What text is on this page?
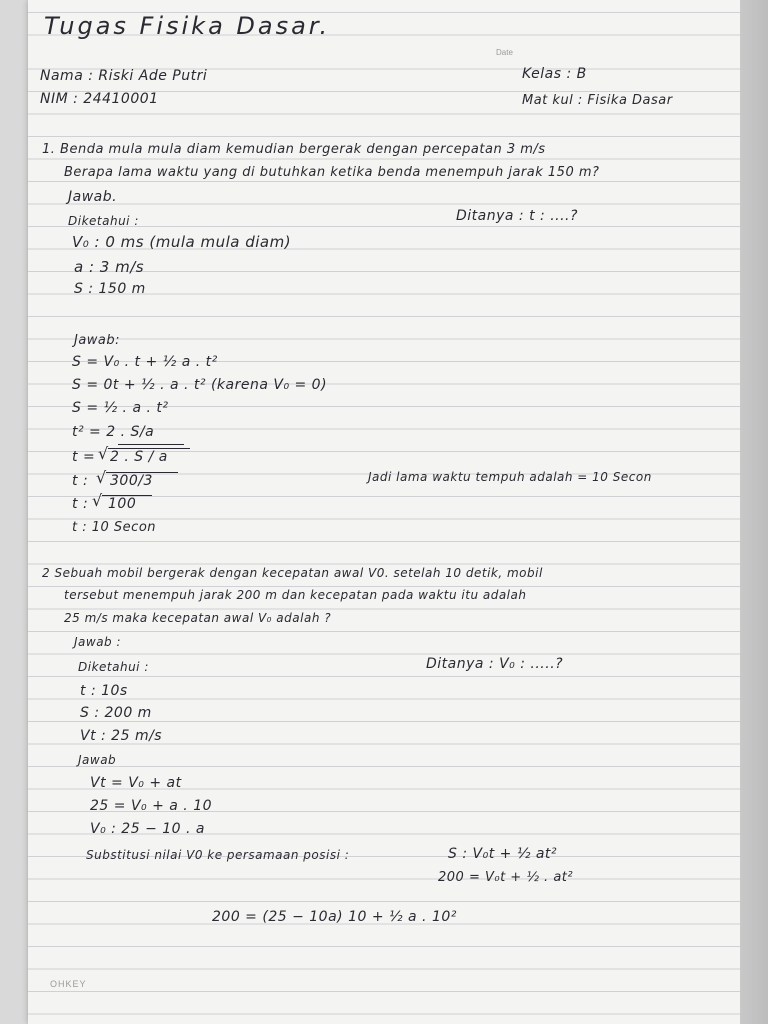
Tugas Fisika Dasar.
Date
Nama : Riski Ade Putri
NIM : 24410001
Kelas : B
Mat kul : Fisika Dasar
1. Benda mula mula diam kemudian bergerak dengan percepatan 3 m/s
Berapa lama waktu yang di butuhkan ketika benda menempuh jarak 150 m?
Jawab.
Diketahui :	Ditanya : t : ....?
V₀ : 0 ms (mula mula diam)
a : 3 m/s
S : 150 m
Jawab:
S = V₀ . t + ½ a . t²
S = 0t + ½ . a . t² (karena V₀ = 0)
S = ½ . a . t²
t² = 2 . S/a
t = √ 2 . S / a
t : √ 300/3
t : √ 100
t : 10 Secon
Jadi lama waktu tempuh adalah = 10 Secon
2 Sebuah mobil bergerak dengan kecepatan awal V0. setelah 10 detik, mobil
tersebut menempuh jarak 200 m dan kecepatan pada waktu itu adalah
25 m/s maka kecepatan awal V₀ adalah ?
Jawab :
Diketahui :	Ditanya : V₀ : .....?
t : 10s
S : 200 m
Vt : 25 m/s
Jawab
Vt = V₀ + at
25 = V₀ + a . 10
V₀ : 25 − 10 . a
Substitusi nilai V0 ke persamaan posisi :	S : V₀t + ½ at²
200 = V₀t + ½ . at²
200 = (25 − 10a) 10 + ½ a . 10²
OHKEY
